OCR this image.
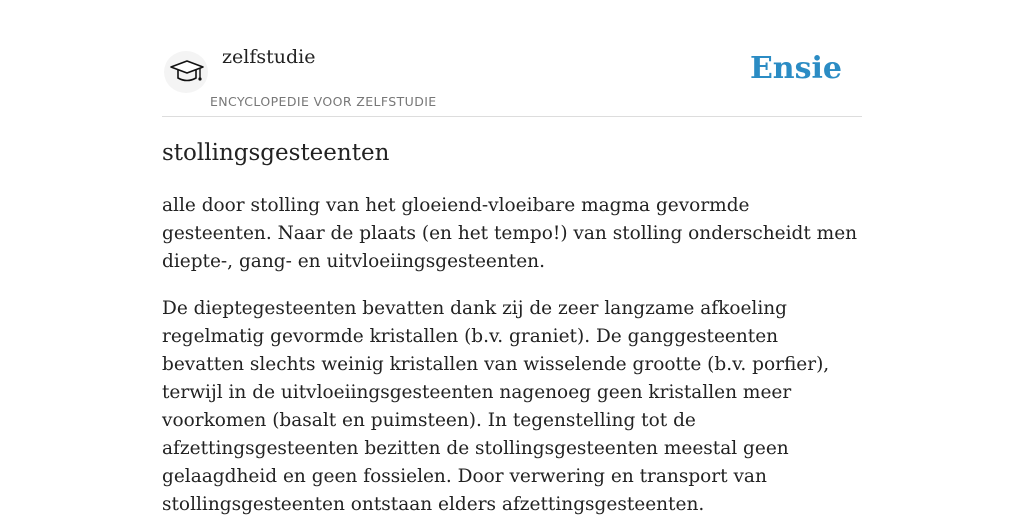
zelfstudie
ENCYCLOPEDIE VOOR ZELFSTUDIE
Ensie
stollingsgesteenten

alle door stolling van het gloeiend-vloeibare magma gevormde gesteenten. Naar de plaats (en het tempo!) van stolling onderscheidt men diepte-, gang- en uitvloeiingsgesteenten.

De dieptegesteenten bevatten dank zij de zeer langzame afkoeling regelmatig gevormde kristallen (b.v. graniet). De ganggesteenten bevatten slechts weinig kristallen van wisselende grootte (b.v. porfier), terwijl in de uitvloeiingsgesteenten nagenoeg geen kristallen meer voorkomen (basalt en puimsteen). In tegenstelling tot de afzettingsgesteenten bezitten de stollingsgesteenten meestal geen gelaagdheid en geen fossielen. Door verwering en transport van stollingsgesteenten ontstaan elders afzettingsgesteenten.
